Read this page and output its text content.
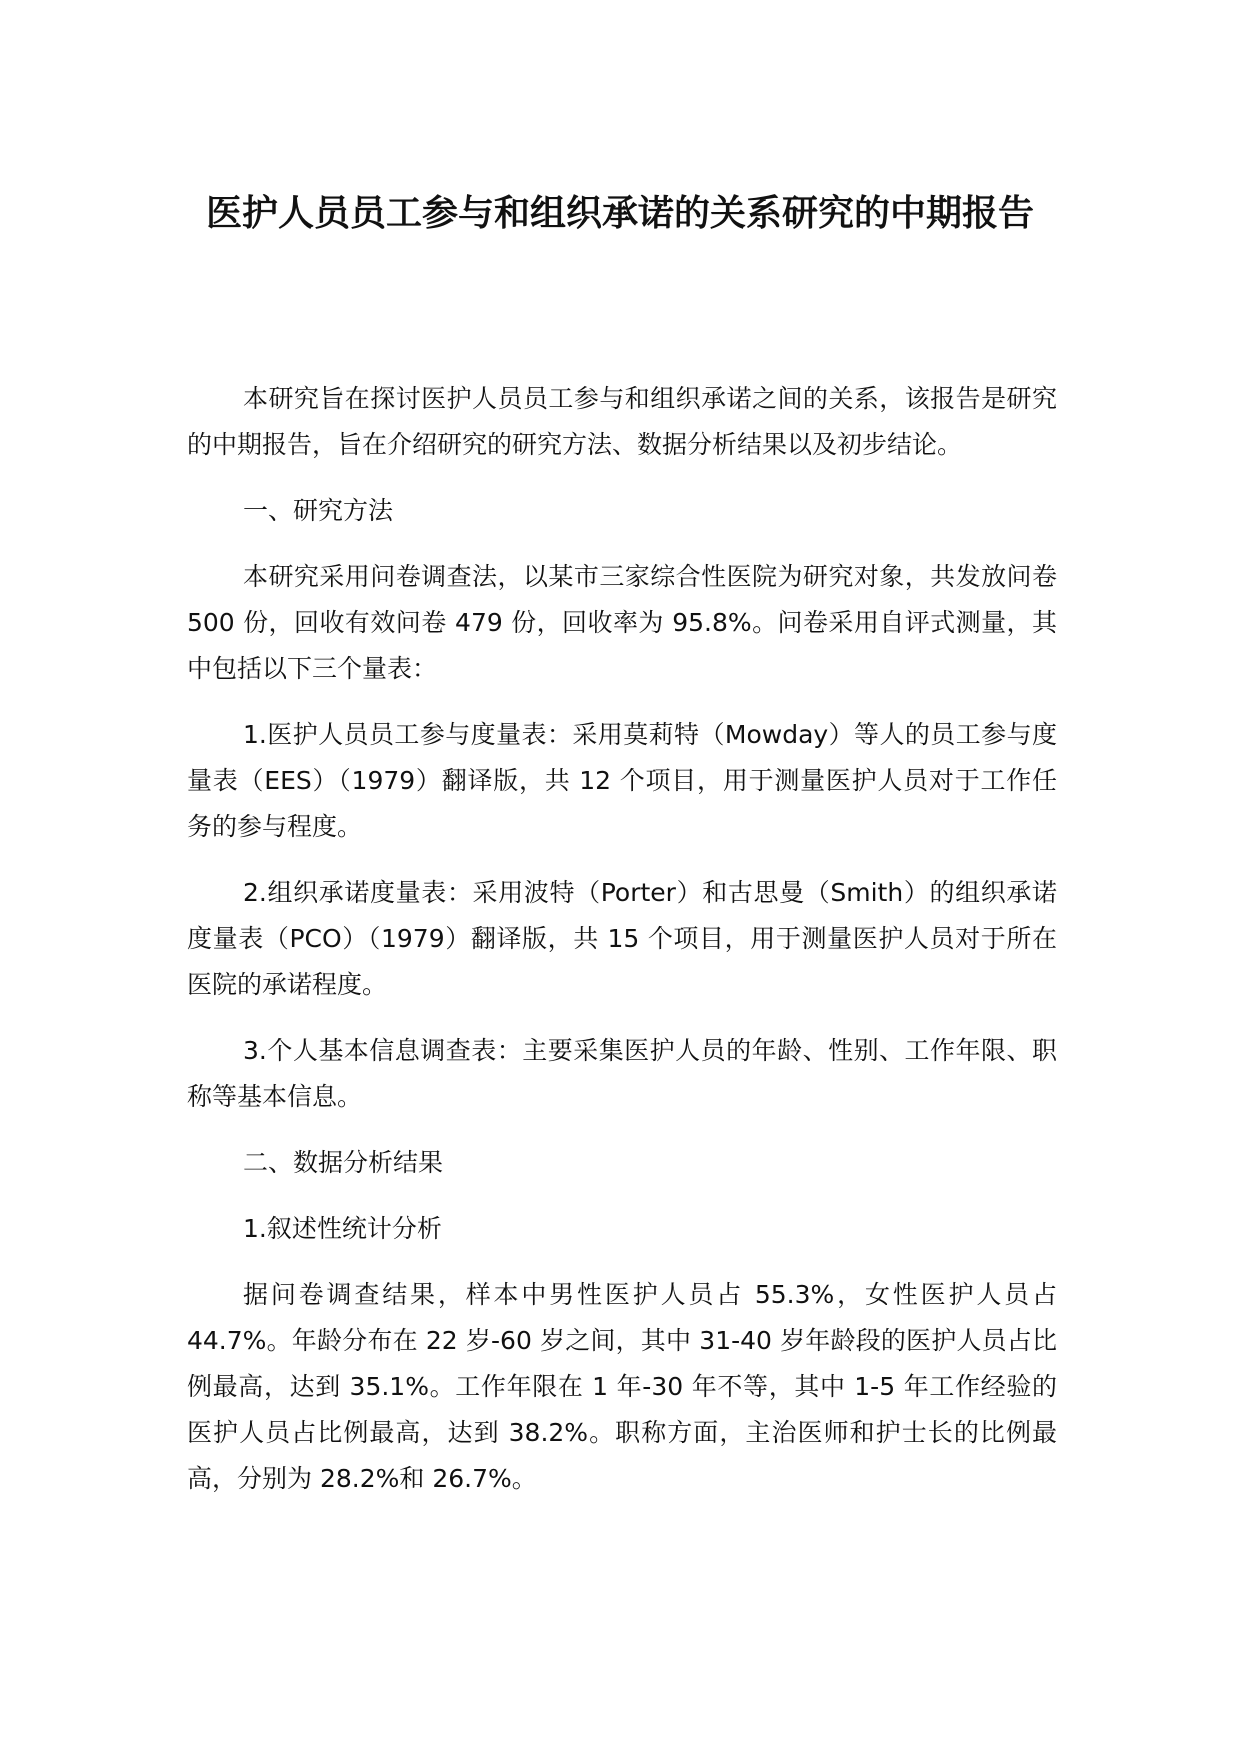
医护人员员工参与和组织承诺的关系研究的中期报告

本研究旨在探讨医护人员员工参与和组织承诺之间的关系，该报告是研究的中期报告，旨在介绍研究的研究方法、数据分析结果以及初步结论。

一、研究方法

本研究采用问卷调查法，以某市三家综合性医院为研究对象，共发放问卷 500 份，回收有效问卷 479 份，回收率为 95.8%。问卷采用自评式测量，其中包括以下三个量表：

1.医护人员员工参与度量表：采用莫莉特（Mowday）等人的员工参与度量表（EES）（1979）翻译版，共 12 个项目，用于测量医护人员对于工作任务的参与程度。

2.组织承诺度量表：采用波特（Porter）和古思曼（Smith）的组织承诺度量表（PCO）（1979）翻译版，共 15 个项目，用于测量医护人员对于所在医院的承诺程度。

3.个人基本信息调查表：主要采集医护人员的年龄、性别、工作年限、职称等基本信息。

二、数据分析结果

1.叙述性统计分析

据问卷调查结果，样本中男性医护人员占 55.3%，女性医护人员占 44.7%。年龄分布在 22 岁-60 岁之间，其中 31-40 岁年龄段的医护人员占比例最高，达到 35.1%。工作年限在 1 年-30 年不等，其中 1-5 年工作经验的医护人员占比例最高，达到 38.2%。职称方面，主治医师和护士长的比例最高，分别为 28.2%和 26.7%。
